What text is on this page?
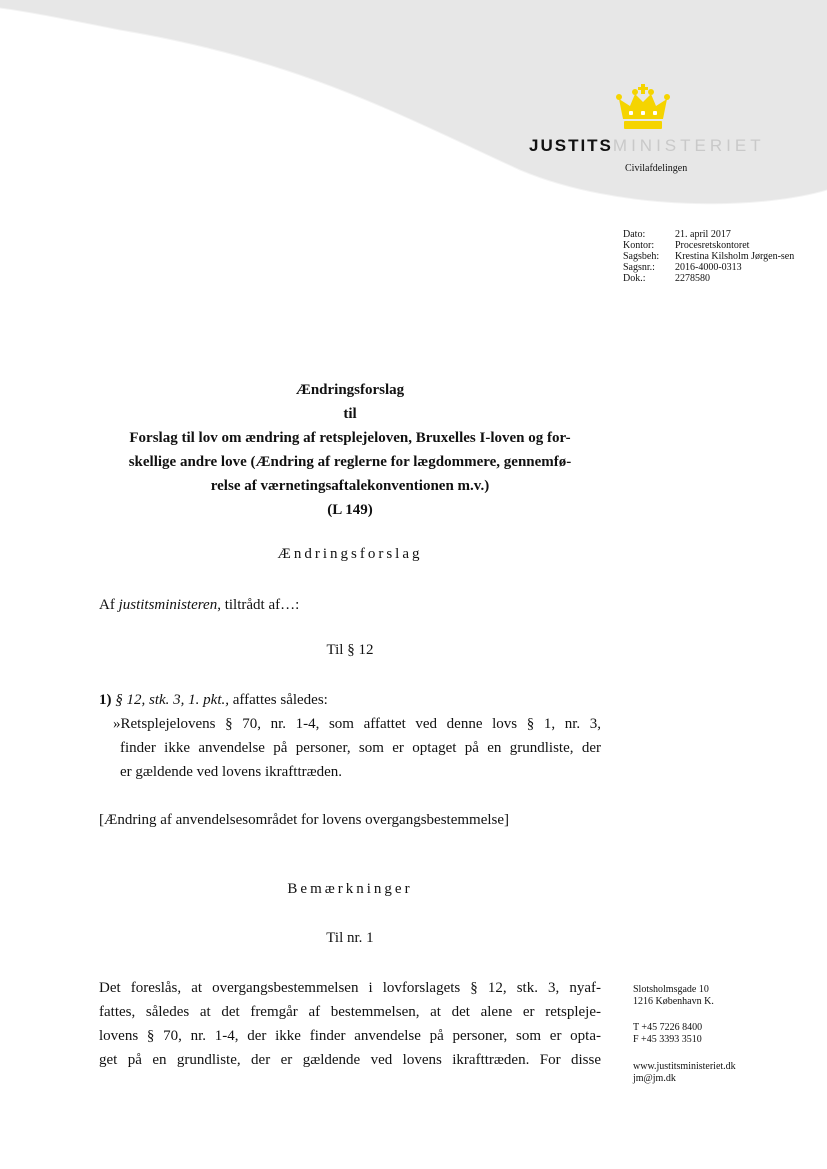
JUSTITSMINISTERIET
Civilafdelingen
Dato:	21. april 2017
Kontor:	Procesretskontoret
Sagsbeh:	Krestina Kilsholm Jørgen-sen
Sagsnr.:	2016-4000-0313
Dok.:	2278580
Ændringsforslag
til
Forslag til lov om ændring af retsplejeloven, Bruxelles I-loven og for-
skellige andre love (Ændring af reglerne for lægdommere, gennemfø-
relse af værnetingsaftalekonventionen m.v.)
(L 149)
Ændringsforslag
Af justitsministeren, tiltrådt af…:
Til § 12
1) § 12, stk. 3, 1. pkt., affattes således:
»Retsplejelovens § 70, nr. 1-4, som affattet ved denne lovs § 1, nr. 3,
finder ikke anvendelse på personer, som er optaget på en grundliste, der
er gældende ved lovens ikrafttræden.
[Ændring af anvendelsesområdet for lovens overgangsbestemmelse]
Bemærkninger
Til nr. 1
Det foreslås, at overgangsbestemmelsen i lovforslagets § 12, stk. 3, nyaf-
fattes, således at det fremgår af bestemmelsen, at det alene er retspleje-
lovens § 70, nr. 1-4, der ikke finder anvendelse på personer, som er opta-
get på en grundliste, der er gældende ved lovens ikrafttræden. For disse
Slotsholmsgade 10
1216 København K.
T +45 7226 8400
F +45 3393 3510
www.justitsministeriet.dk
jm@jm.dk
